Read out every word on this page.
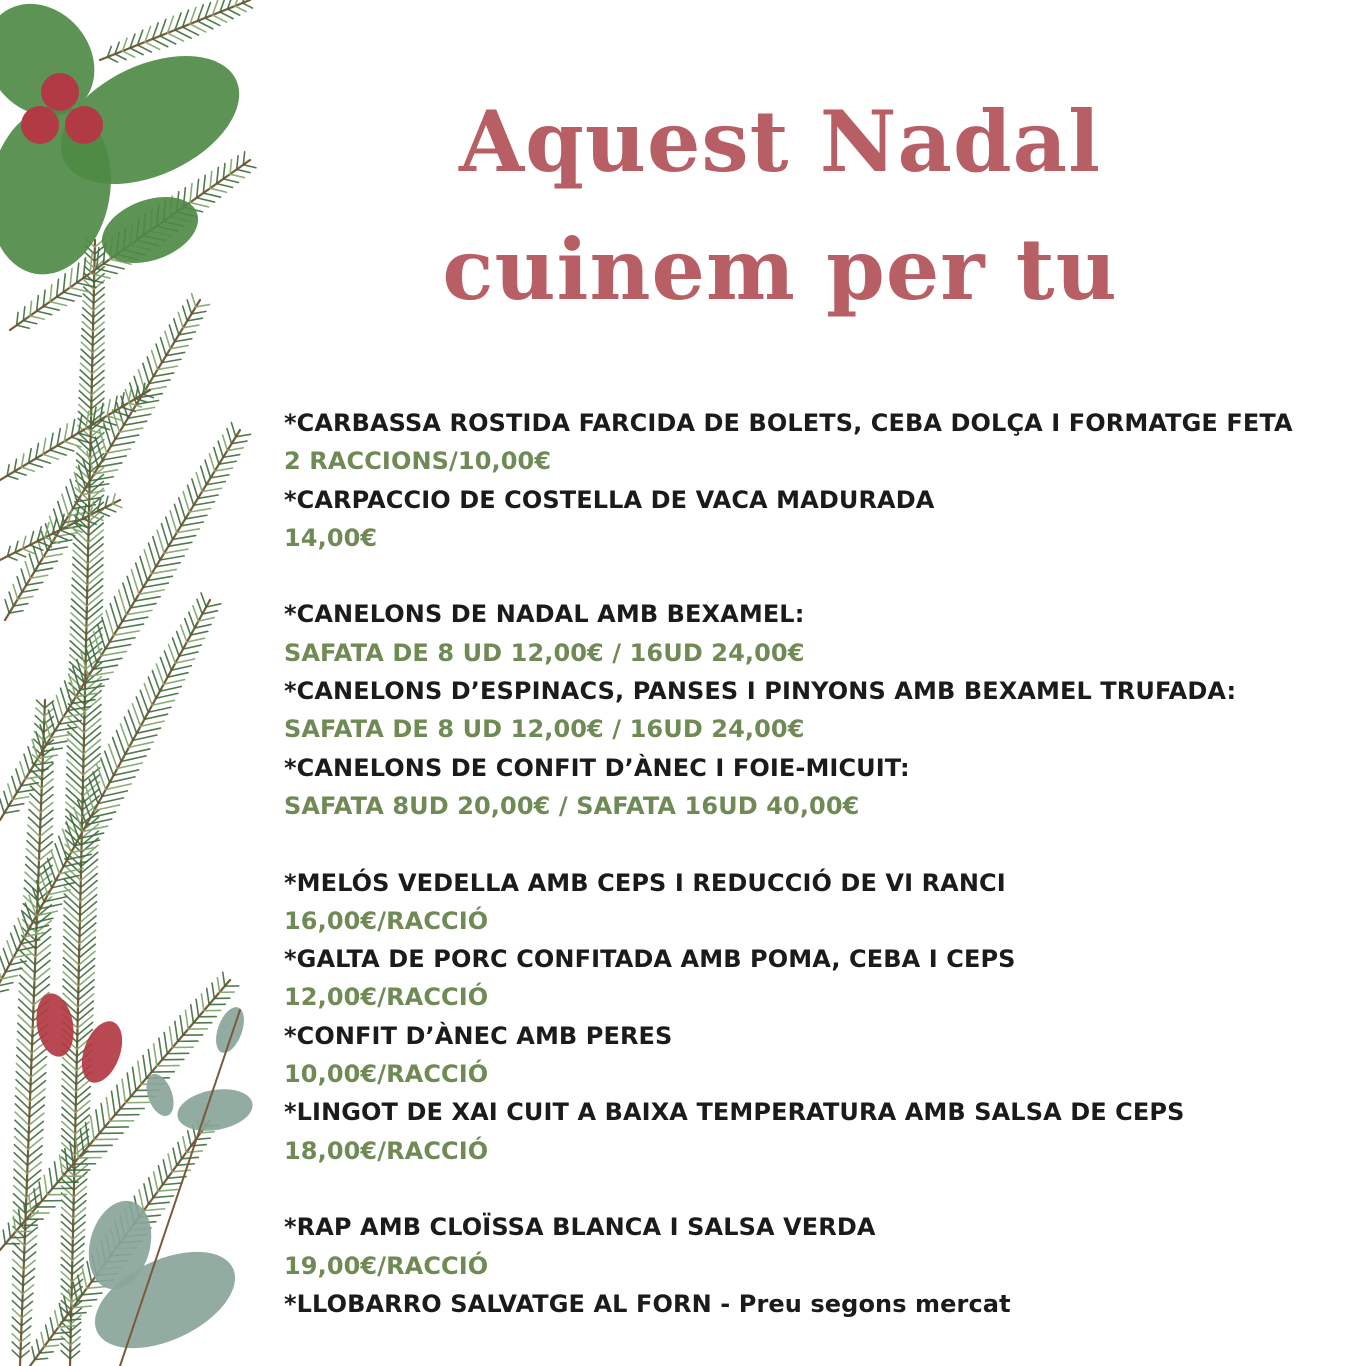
Aquest Nadal
cuinem per tu
*CARBASSA ROSTIDA FARCIDA DE BOLETS, CEBA DOLÇA I FORMATGE FETA
2 RACCIONS/10,00€
*CARPACCIO DE COSTELLA DE VACA MADURADA
14,00€
*CANELONS DE NADAL AMB BEXAMEL:
SAFATA DE 8 UD 12,00€ / 16UD 24,00€
*CANELONS D’ESPINACS, PANSES I PINYONS AMB BEXAMEL TRUFADA:
SAFATA DE 8 UD 12,00€ / 16UD 24,00€
*CANELONS DE CONFIT D’ÀNEC I FOIE-MICUIT:
SAFATA 8UD 20,00€ / SAFATA 16UD 40,00€
*MELÓS VEDELLA AMB CEPS I REDUCCIÓ DE VI RANCI
16,00€/RACCIÓ
*GALTA DE PORC CONFITADA AMB POMA, CEBA I CEPS
12,00€/RACCIÓ
*CONFIT D’ÀNEC AMB PERES
10,00€/RACCIÓ
*LINGOT DE XAI CUIT A BAIXA TEMPERATURA AMB SALSA DE CEPS
18,00€/RACCIÓ
*RAP AMB CLOÏSSA BLANCA I SALSA VERDA
19,00€/RACCIÓ
*LLOBARRO SALVATGE AL FORN - Preu segons mercat
